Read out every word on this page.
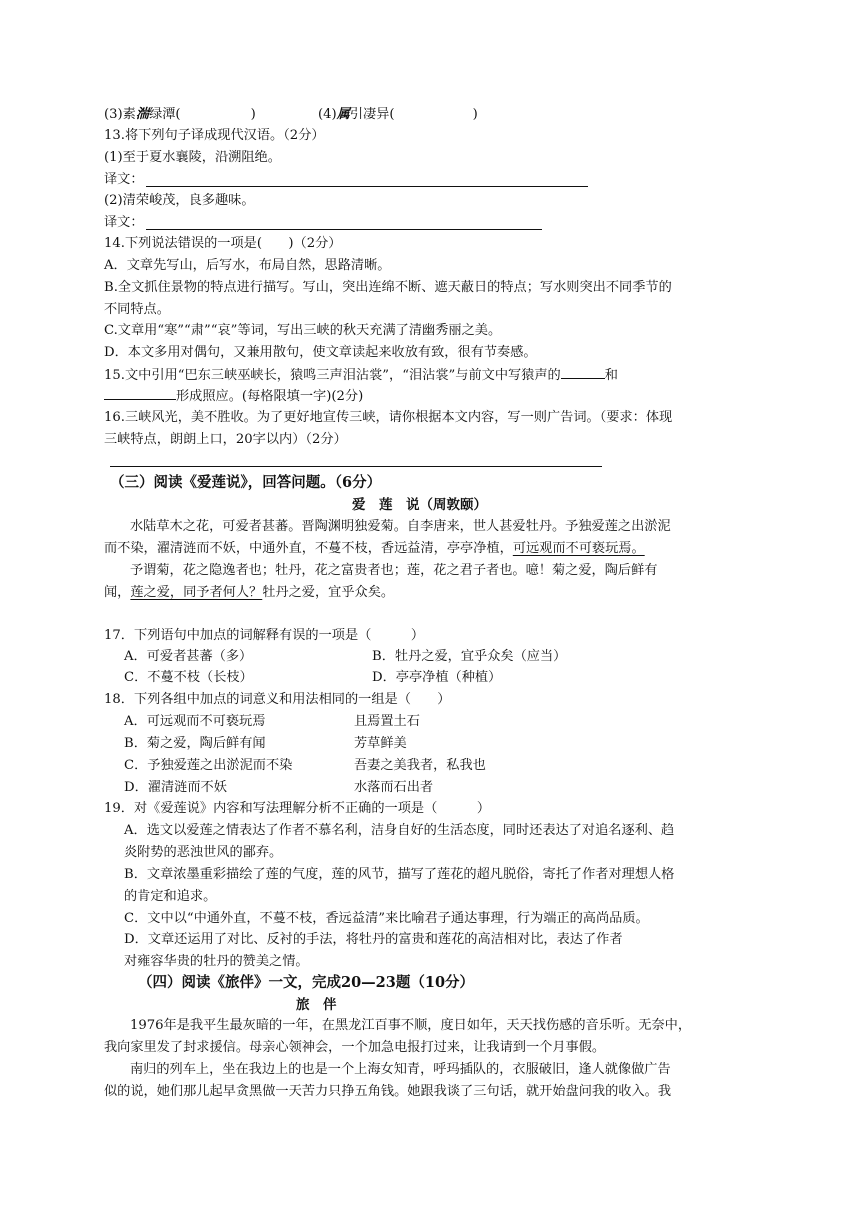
(3)素湍绿潭(	)	(4)属引凄异(	)
13.将下列句子译成现代汉语。（2分）
(1)至于夏水襄陵，沿溯阻绝。
译文：
(2)清荣峻茂，良多趣味。
译文：
14.下列说法错误的一项是(　　)（2分）
A．文章先写山，后写水，布局自然，思路清晰。
B.全文抓住景物的特点进行描写。写山，突出连绵不断、遮天蔽日的特点；写水则突出不同季节的
不同特点。
C.文章用“寒”“肃”“哀”等词，写出三峡的秋天充满了清幽秀丽之美。
D．本文多用对偶句，又兼用散句，使文章读起来收放有致，很有节奏感。
15.文中引用“巴东三峡巫峡长，猿鸣三声泪沾裳”，“泪沾裳”与前文中写猿声的	和
形成照应。(每格限填一字)(2分)
16.三峡风光，美不胜收。为了更好地宣传三峡，请你根据本文内容，写一则广告词。（要求：体现
三峡特点，朗朗上口，20字以内）（2分）
（三）阅读《爱莲说》，回答问题。（6分）
爱　莲　说（周敦颐）
水陆草木之花，可爱者甚蕃。晋陶渊明独爱菊。自李唐来，世人甚爱牡丹。予独爱莲之出淤泥
而不染，濯清涟而不妖，中通外直，不蔓不枝，香远益清，亭亭净植，可远观而不可亵玩焉。
予谓菊，花之隐逸者也；牡丹，花之富贵者也；莲，花之君子者也。噫！菊之爱，陶后鲜有
闻，莲之爱，同予者何人？牡丹之爱，宜乎众矣。
17．下列语句中加点的词解释有误的一项是（　　　）
A．可爱者甚蕃（多）	B．牡丹之爱，宜乎众矣（应当）
C．不蔓不枝（长枝）	D．亭亭净植（种植）
18．下列各组中加点的词意义和用法相同的一组是（　　）
A．可远观而不可亵玩焉	且焉置土石
B．菊之爱，陶后鲜有闻	芳草鲜美
C．予独爱莲之出淤泥而不染	吾妻之美我者，私我也
D．濯清涟而不妖	水落而石出者
19．对《爱莲说》内容和写法理解分析不正确的一项是（　　　）
A．选文以爱莲之情表达了作者不慕名利，洁身自好的生活态度，同时还表达了对追名逐利、趋
炎附势的恶浊世风的鄙弃。
B．文章浓墨重彩描绘了莲的气度，莲的风节，描写了莲花的超凡脱俗，寄托了作者对理想人格
的肯定和追求。
C．文中以“中通外直，不蔓不枝，香远益清”来比喻君子通达事理，行为端正的高尚品质。
D．文章还运用了对比、反衬的手法，将牡丹的富贵和莲花的高洁相对比，表达了作者
对雍容华贵的牡丹的赞美之情。
（四）阅读《旅伴》一文，完成20—23题（10分）
旅　伴
1976年是我平生最灰暗的一年，在黑龙江百事不顺，度日如年，天天找伤感的音乐听。无奈中，
我向家里发了封求援信。母亲心领神会，一个加急电报打过来，让我请到一个月事假。
南归的列车上，坐在我边上的也是一个上海女知青，呼玛插队的，衣服破旧，逢人就像做广告
似的说，她们那儿起早贪黑做一天苦力只挣五角钱。她跟我谈了三句话，就开始盘问我的收入。我
